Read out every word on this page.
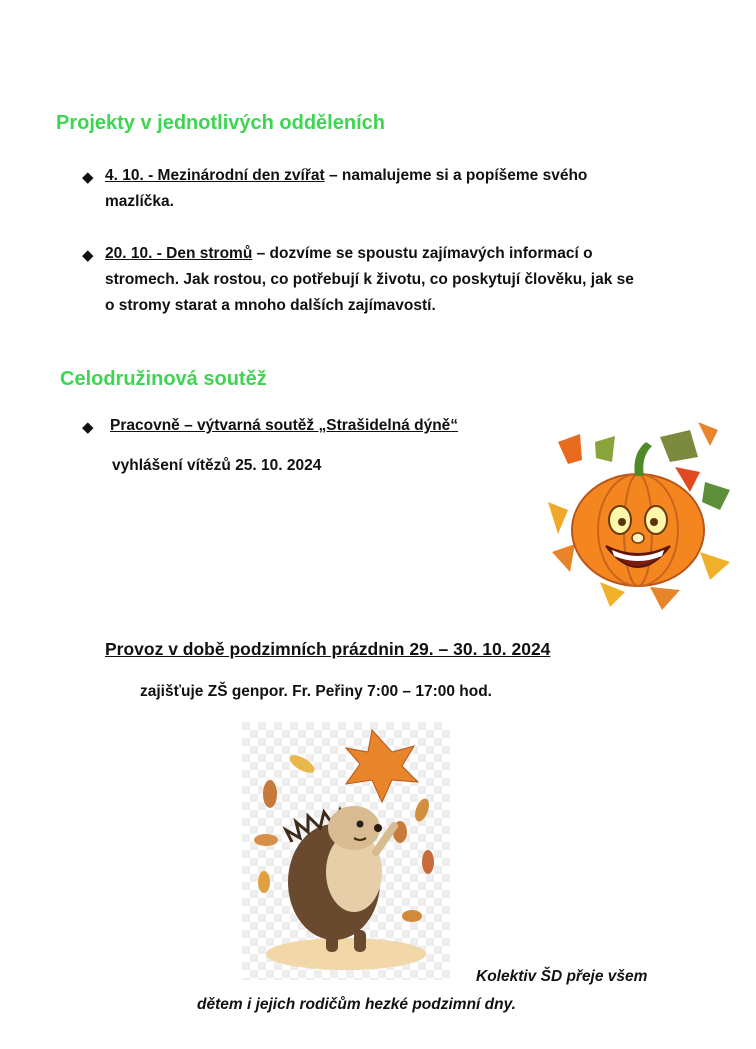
Projekty v jednotlivých odděleních
◆ 4. 10. - Mezinárodní den zvířat – namalujeme si a popíšeme svého
mazlíčka.
◆ 20. 10. - Den stromů – dozvíme se spoustu zajímavých informací o
stromech. Jak rostou, co potřebují k životu, co poskytují člověku, jak se
o stromy starat a mnoho dalších zajímavostí.
Celodružinová soutěž
◆ Pracovně – výtvarná soutěž „Strašidelná dýně“
vyhlášení vítězů 25. 10. 2024
Provoz v době podzimních prázdnin 29. – 30. 10. 2024
zajišťuje ZŠ genpor. Fr. Peřiny 7:00 – 17:00 hod.
Kolektiv ŠD přeje všem
dětem i jejich rodičům hezké podzimní dny.
